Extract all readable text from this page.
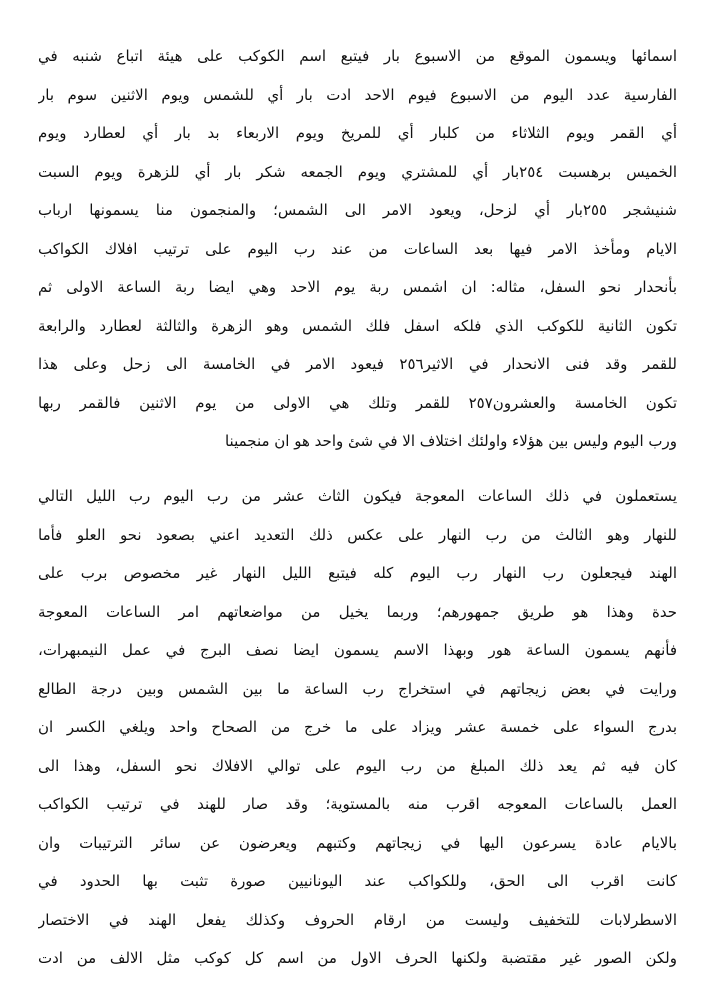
اسمائها ويسمون الموقع من الاسبوع بار فيتبع اسم الكوكب على هيئة اتباع شنبه في
الفارسية عدد اليوم من الاسبوع فيوم الاحد ادت بار أي للشمس ويوم الاثنين سوم بار
أي القمر ويوم الثلاثاء من كلبار أي للمريخ ويوم الاربعاء بد بار أي لعطارد ويوم
الخميس برهسبت ٢٥٤بار أي للمشتري ويوم الجمعه شكر بار أي للزهرة ويوم السبت
شنيشجر ٢٥٥بار أي لزحل، ويعود الامر الى الشمس؛ والمنجمون منا يسمونها ارباب
الايام ومأخذ الامر فيها بعد الساعات من عند رب اليوم على ترتيب افلاك الكواكب
بأنحدار نحو السفل، مثاله: ان اشمس ربة يوم الاحد وهي ايضا ربة الساعة الاولى ثم
تكون الثانية للكوكب الذي فلكه اسفل فلك الشمس وهو الزهرة والثالثة لعطارد والرابعة
للقمر وقد فنى الانحدار في الاثير٢٥٦ فيعود الامر في الخامسة الى زحل وعلى هذا
تكون الخامسة والعشرون٢٥٧ للقمر وتلك هي الاولى من يوم الاثنين فالقمر ربها
ورب اليوم وليس بين هؤلاء واولئك اختلاف الا في شئ واحد هو ان منجمينا
يستعملون في ذلك الساعات المعوجة فيكون الثاث عشر من رب اليوم رب الليل التالي
للنهار وهو الثالث من رب النهار على عكس ذلك التعديد اعني بصعود نحو العلو فأما
الهند فيجعلون رب النهار رب اليوم كله فيتبع الليل النهار غير مخصوص برب على
حدة وهذا هو طريق جمهورهم؛ وربما يخيل من مواضعاتهم امر الساعات المعوجة
فأنهم يسمون الساعة هور وبهذا الاسم يسمون ايضا نصف البرج في عمل النيمبهرات،
ورايت في بعض زيجاتهم في استخراج رب الساعة ما بين الشمس وبين درجة الطالع
بدرج السواء على خمسة عشر ويزاد على ما خرج من الصحاح واحد ويلغي الكسر ان
كان فيه ثم يعد ذلك المبلغ من رب اليوم على توالي الافلاك نحو السفل، وهذا الى
العمل بالساعات المعوجه اقرب منه بالمستوية؛ وقد صار للهند في ترتيب الكواكب
بالايام عادة يسرعون اليها في زيجاتهم وكتبهم ويعرضون عن سائر الترتيبات وان
كانت اقرب الى الحق، وللكواكب عند اليونانيين صورة تثبت بها الحدود في
الاسطرلابات للتخفيف وليست من ارقام الحروف وكذلك يفعل الهند في الاختصار
ولكن الصور غير مقتضبة ولكنها الحرف الاول من اسم كل كوكب مثل الالف من ادت
